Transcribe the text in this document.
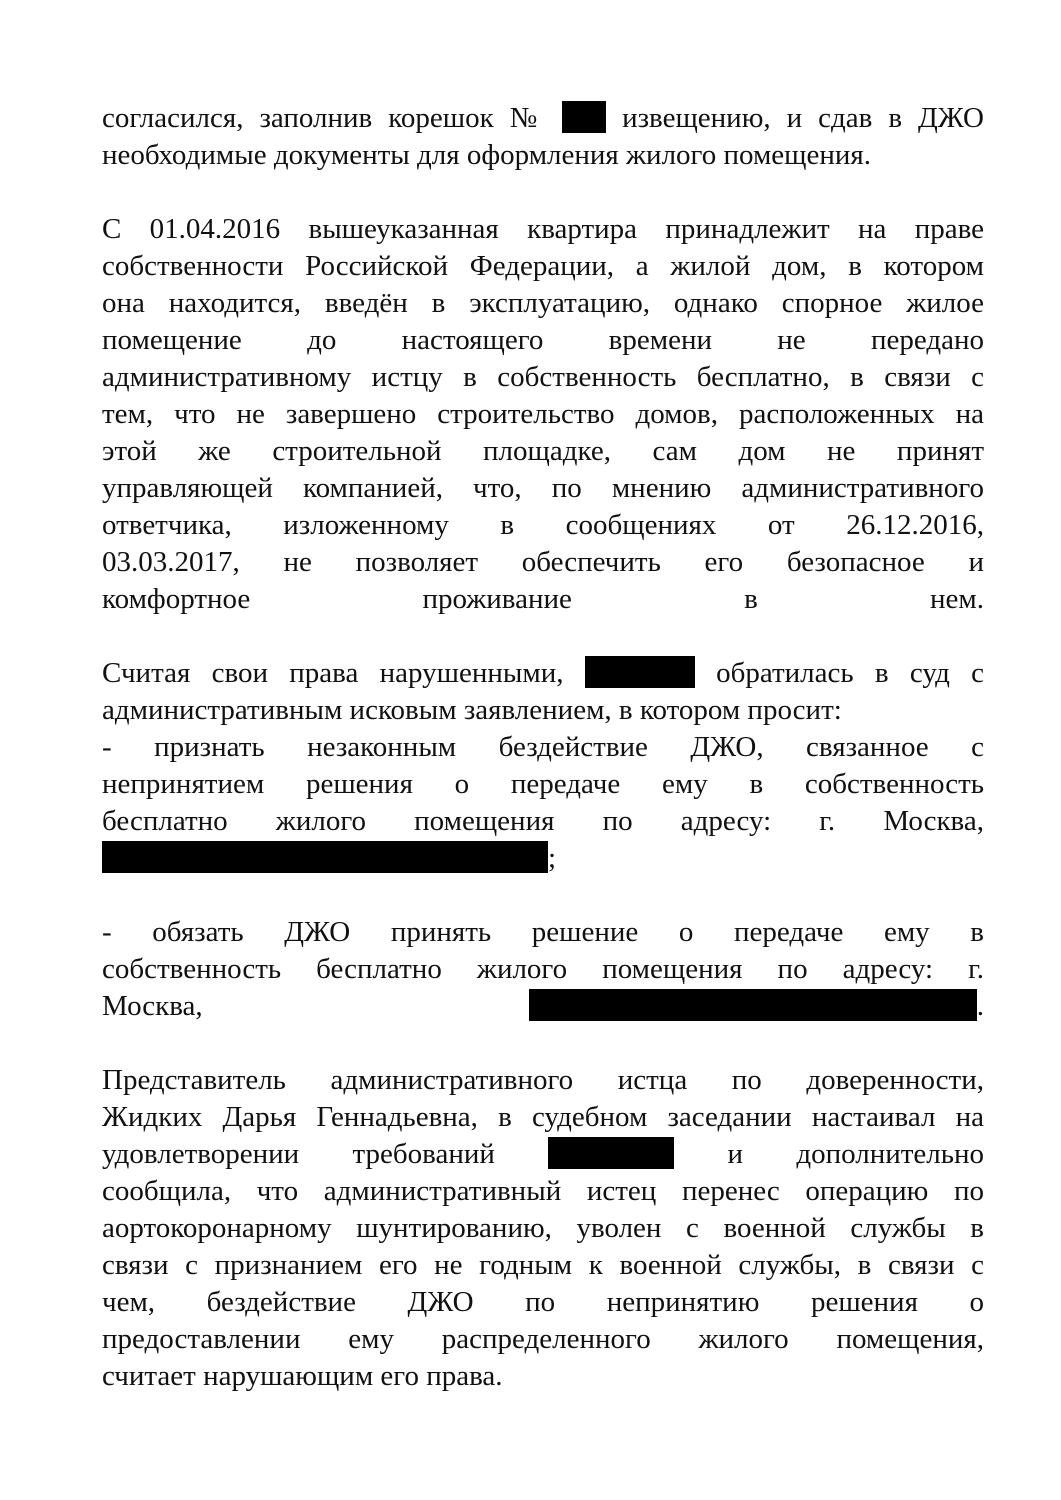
согласился, заполнив корешок №	извещению, и сдав в ДЖО
необходимые документы для оформления жилого помещения.
С 01.04.2016 вышеуказанная квартира принадлежит на праве
собственности Российской Федерации, а жилой дом, в котором
она находится, введён в эксплуатацию, однако спорное жилое
помещение до настоящего времени не передано
административному истцу в собственность бесплатно, в связи с
тем, что не завершено строительство домов, расположенных на
этой же строительной площадке, сам дом не принят
управляющей компанией, что, по мнению административного
ответчика, изложенному в сообщениях от 26.12.2016,
03.03.2017, не позволяет обеспечить его безопасное и
комфортное проживание в нем.
Считая свои права нарушенными,	обратилась в суд с
административным исковым заявлением, в котором просит:
- признать незаконным бездействие ДЖО, связанное с
непринятием решения о передаче ему в собственность
бесплатно жилого помещения по адресу: г. Москва,
;
- обязать ДЖО принять решение о передаче ему в
собственность бесплатно жилого помещения по адресу: г.
Москва,	.
Представитель административного истца по доверенности,
Жидких Дарья Геннадьевна, в судебном заседании настаивал на
удовлетворении требований	и дополнительно
сообщила, что административный истец перенес операцию по
аортокоронарному шунтированию, уволен с военной службы в
связи с признанием его не годным к военной службы, в связи с
чем, бездействие ДЖО по непринятию решения о
предоставлении ему распределенного жилого помещения,
считает нарушающим его права.
